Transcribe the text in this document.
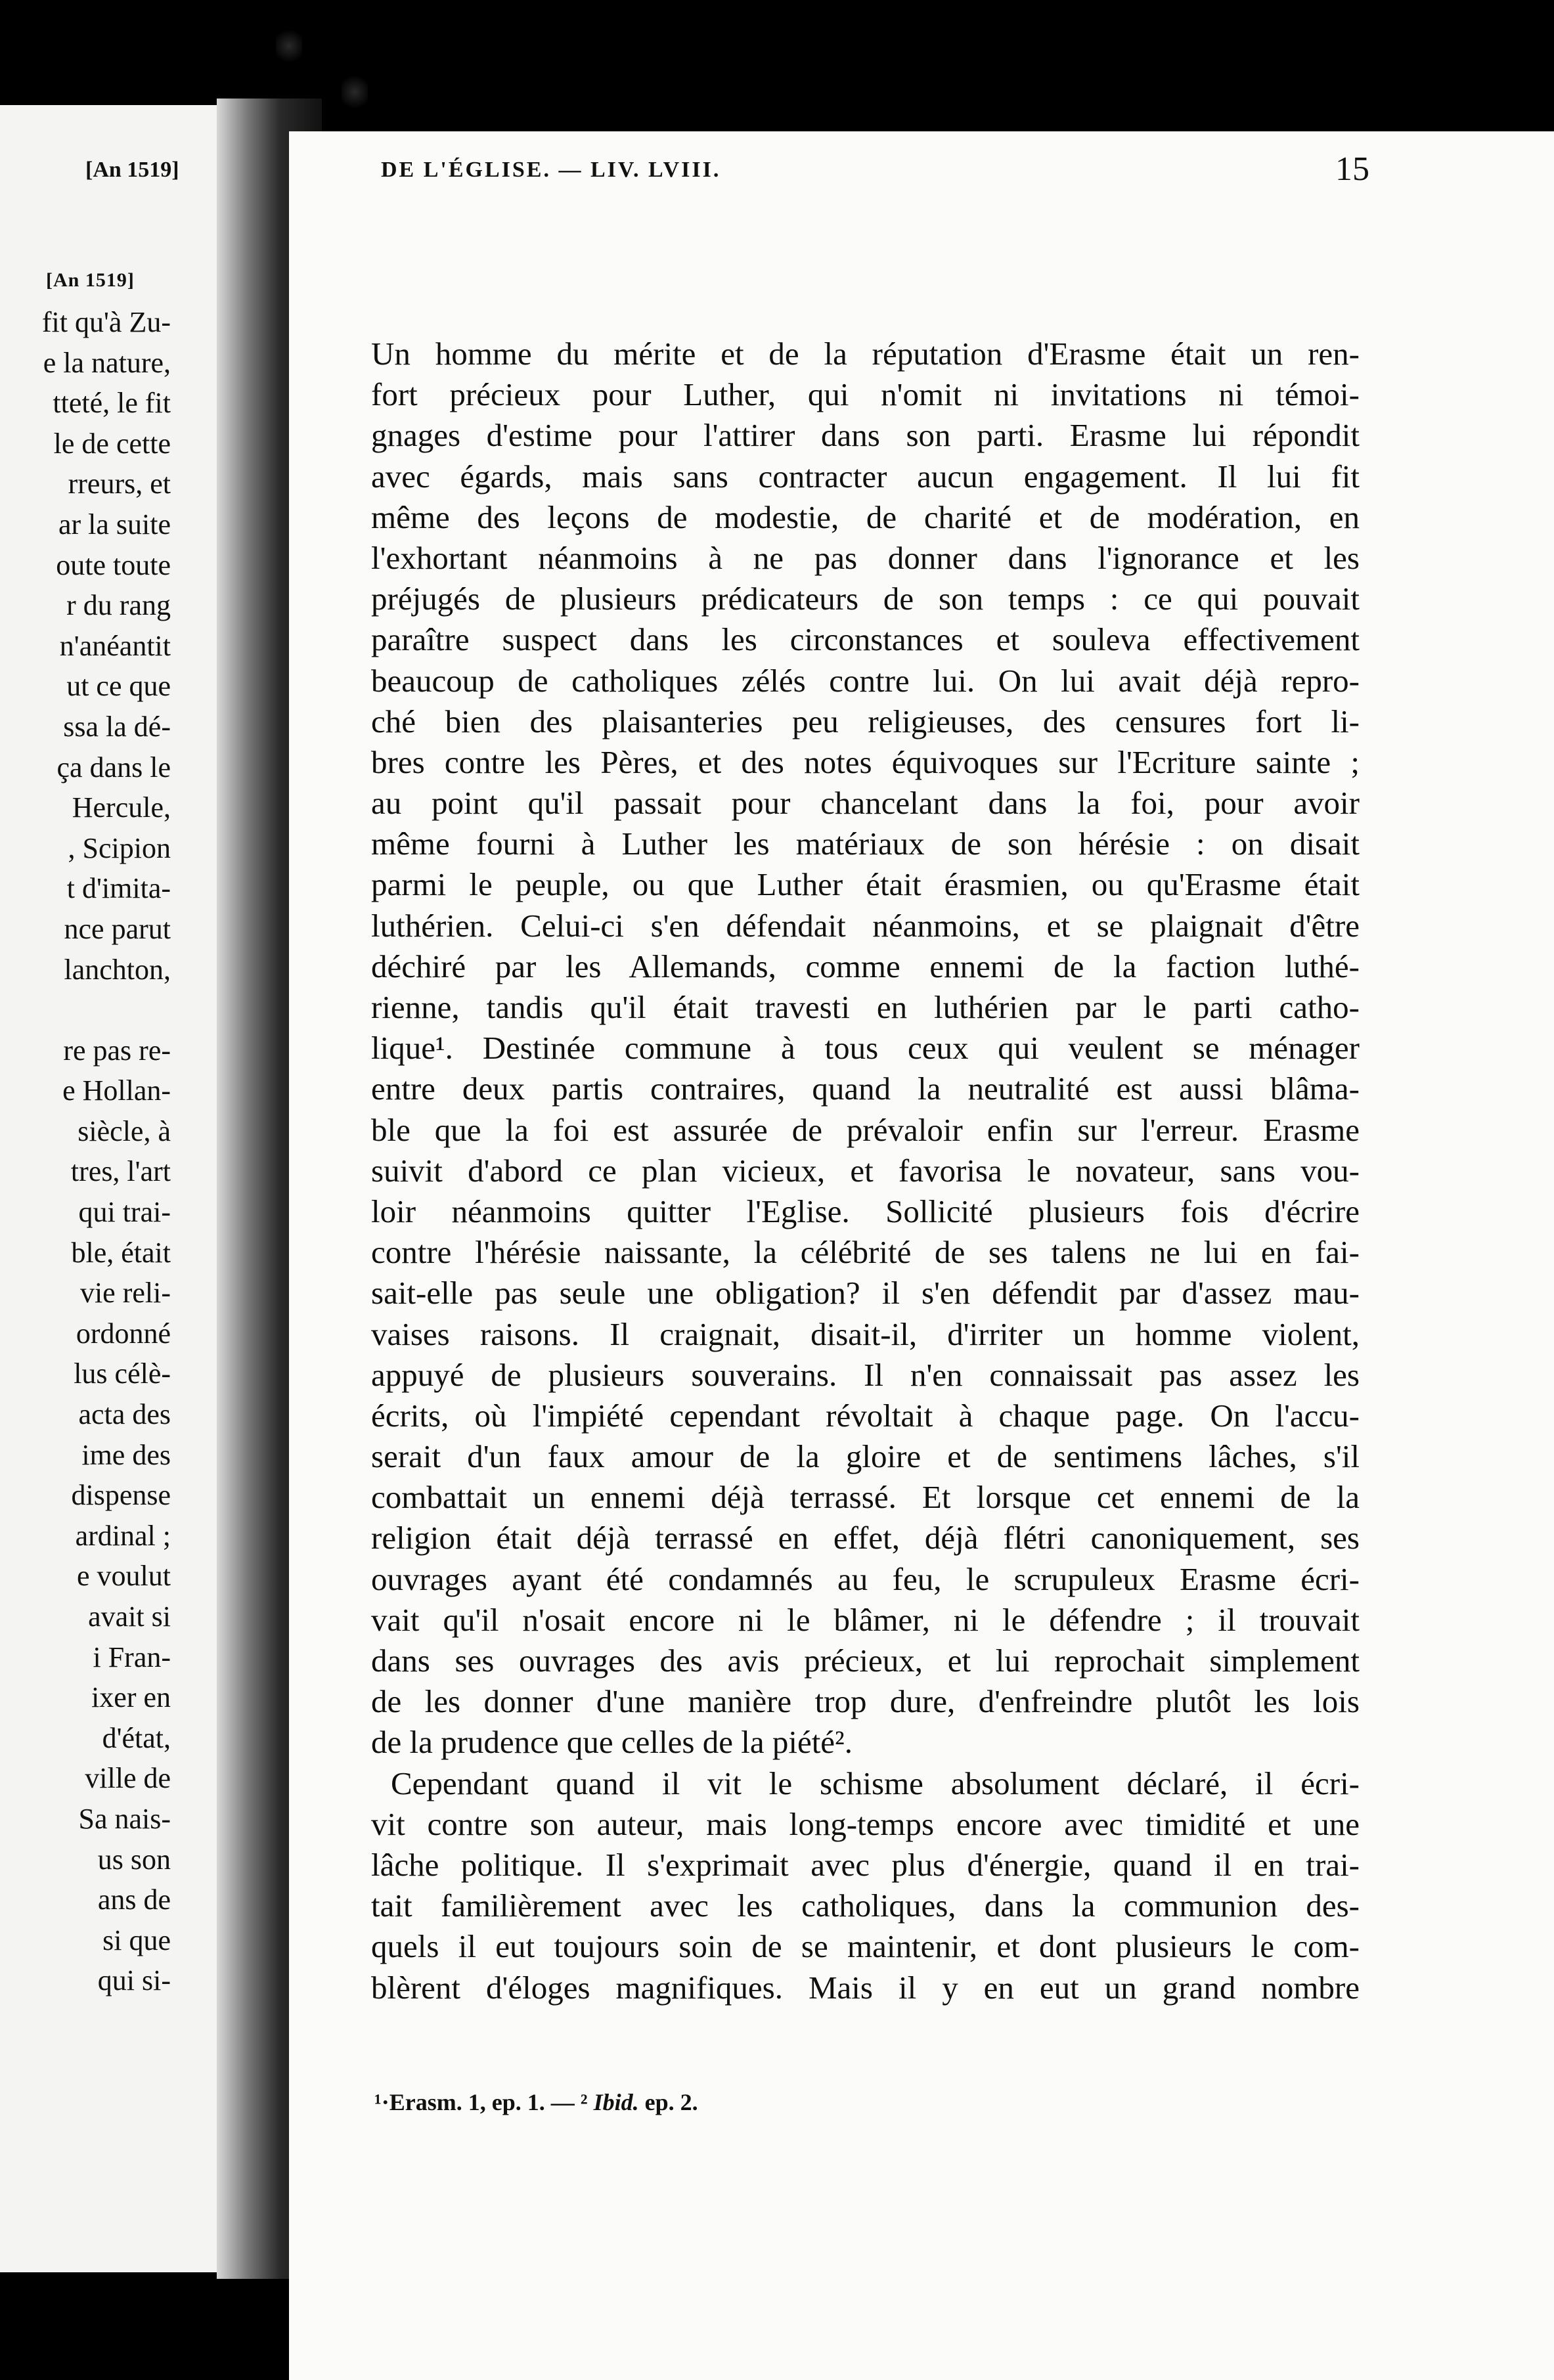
[An 1519]
fit qu'à Zu-
e la nature,
tteté, le fit
le de cette
rreurs, et
ar la suite
oute toute
r du rang
n'anéantit
ut ce que
ssa la dé-
ça dans le
Hercule,
, Scipion
t d'imita-
nce parut
lanchton,
re pas re-
e Hollan-
siècle, à
tres, l'art
qui trai-
ble, était
vie reli-
ordonné
lus célè-
acta des
ime des
dispense
ardinal ;
e voulut
avait si
i Fran-
ixer en
d'état,
ville de
Sa nais-
us son
ans de
si que
qui si-
[An 1519]	DE L'ÉGLISE. — LIV. LVIII.	15
Un homme du mérite et de la réputation d'Erasme était un ren-
fort précieux pour Luther, qui n'omit ni invitations ni témoi-
gnages d'estime pour l'attirer dans son parti. Erasme lui répondit
avec égards, mais sans contracter aucun engagement. Il lui fit
même des leçons de modestie, de charité et de modération, en
l'exhortant néanmoins à ne pas donner dans l'ignorance et les
préjugés de plusieurs prédicateurs de son temps : ce qui pouvait
paraître suspect dans les circonstances et souleva effectivement
beaucoup de catholiques zélés contre lui. On lui avait déjà repro-
ché bien des plaisanteries peu religieuses, des censures fort li-
bres contre les Pères, et des notes équivoques sur l'Ecriture sainte ;
au point qu'il passait pour chancelant dans la foi, pour avoir
même fourni à Luther les matériaux de son hérésie : on disait
parmi le peuple, ou que Luther était érasmien, ou qu'Erasme était
luthérien. Celui-ci s'en défendait néanmoins, et se plaignait d'être
déchiré par les Allemands, comme ennemi de la faction luthé-
rienne, tandis qu'il était travesti en luthérien par le parti catho-
lique¹. Destinée commune à tous ceux qui veulent se ménager
entre deux partis contraires, quand la neutralité est aussi blâma-
ble que la foi est assurée de prévaloir enfin sur l'erreur. Erasme
suivit d'abord ce plan vicieux, et favorisa le novateur, sans vou-
loir néanmoins quitter l'Eglise. Sollicité plusieurs fois d'écrire
contre l'hérésie naissante, la célébrité de ses talens ne lui en fai-
sait-elle pas seule une obligation? il s'en défendit par d'assez mau-
vaises raisons. Il craignait, disait-il, d'irriter un homme violent,
appuyé de plusieurs souverains. Il n'en connaissait pas assez les
écrits, où l'impiété cependant révoltait à chaque page. On l'accu-
serait d'un faux amour de la gloire et de sentimens lâches, s'il
combattait un ennemi déjà terrassé. Et lorsque cet ennemi de la
religion était déjà terrassé en effet, déjà flétri canoniquement, ses
ouvrages ayant été condamnés au feu, le scrupuleux Erasme écri-
vait qu'il n'osait encore ni le blâmer, ni le défendre ; il trouvait
dans ses ouvrages des avis précieux, et lui reprochait simplement
de les donner d'une manière trop dure, d'enfreindre plutôt les lois
de la prudence que celles de la piété².
Cependant quand il vit le schisme absolument déclaré, il écri-
vit contre son auteur, mais long-temps encore avec timidité et une
lâche politique. Il s'exprimait avec plus d'énergie, quand il en trai-
tait familièrement avec les catholiques, dans la communion des-
quels il eut toujours soin de se maintenir, et dont plusieurs le com-
blèrent d'éloges magnifiques. Mais il y en eut un grand nombre
¹·Erasm. 1, ep. 1. — ² Ibid. ep. 2.
